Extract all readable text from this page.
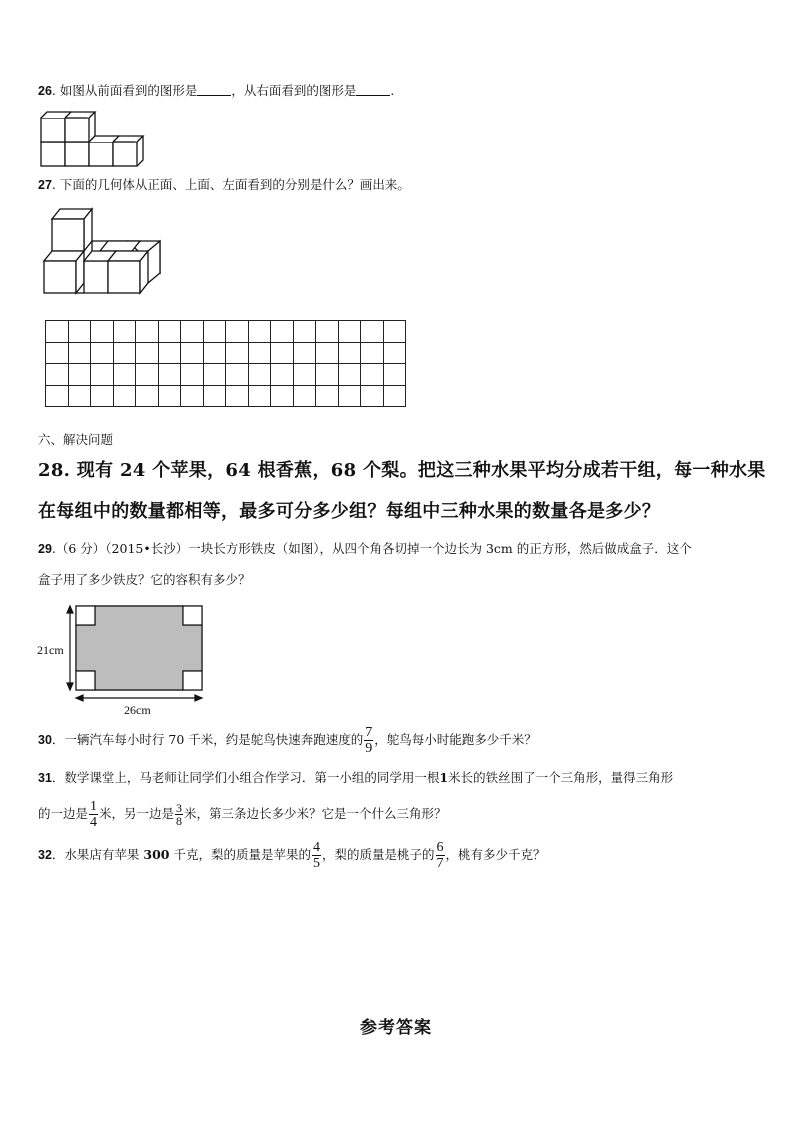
26. 如图从前面看到的图形是	，从右面看到的图形是	.
27. 下面的几何体从正面、上面、左面看到的分别是什么？画出来。

六、解决问题
28. 现有 24 个苹果，64 根香蕉，68 个梨。把这三种水果平均分成若干组，每一种水果
在每组中的数量都相等，最多可分多少组？每组中三种水果的数量各是多少？
29.（6 分）（2015•长沙）一块长方形铁皮（如图），从四个角各切掉一个边长为 3cm 的正方形，然后做成盒子．这个
盒子用了多少铁皮？它的容积有多少？
21cm
26cm
30．一辆汽车每小时行 70 千米，约是鸵鸟快速奔跑速度的 $\frac{7}{9}$ ，鸵鸟每小时能跑多少千米？
31．数学课堂上，马老师让同学们小组合作学习．第一小组的同学用一根1米长的铁丝围了一个三角形，量得三角形
的一边是 $\frac{1}{4}$ 米，另一边是 $\frac{3}{8}$ 米，第三条边长多少米？它是一个什么三角形？
32．水果店有苹果 300 千克，梨的质量是苹果的 $\frac{4}{5}$ ，梨的质量是桃子的 $\frac{6}{7}$ ，桃有多少千克？
参考答案
